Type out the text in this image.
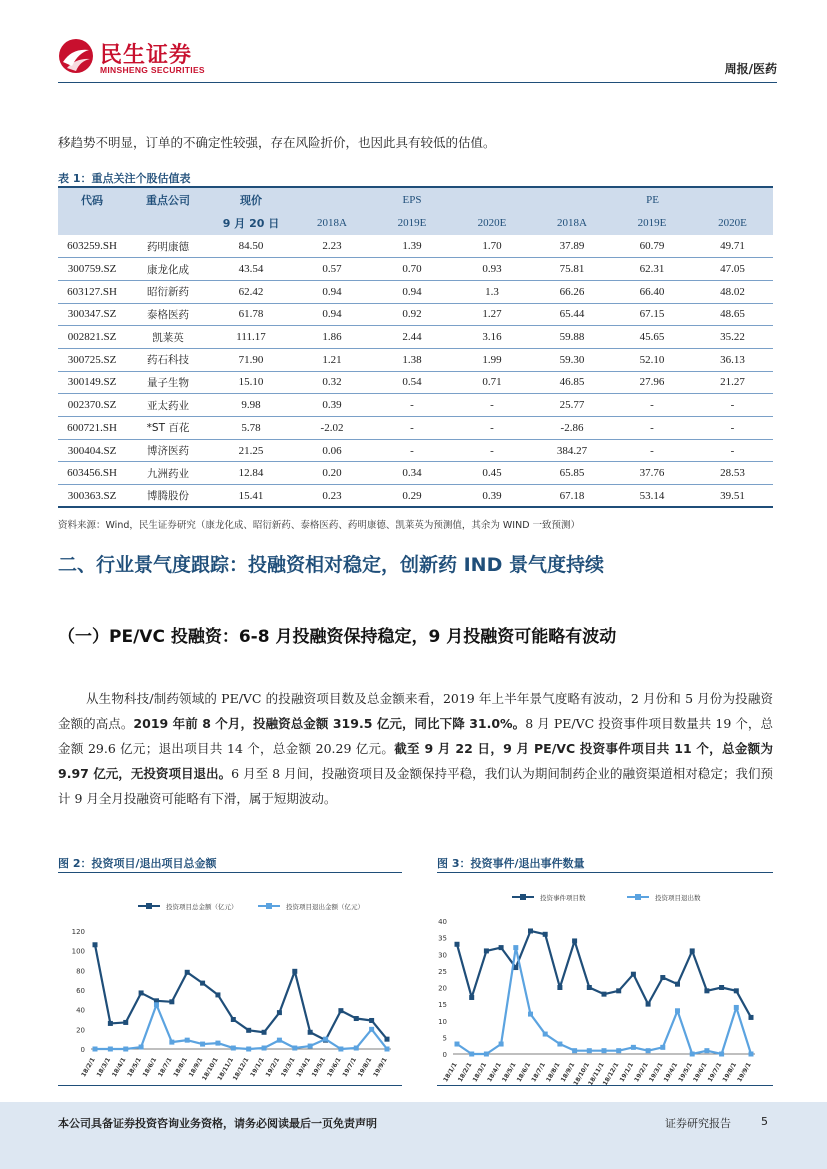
民生证券
MINSHENG SECURITIES	周报/医药
移趋势不明显，订单的不确定性较强，存在风险折价，也因此具有较低的估值。
表 1：重点关注个股估值表
代码	重点公司	现价	EPS			PE		
		9 月 20 日	2018A	2019E	2020E	2018A	2019E	2020E
603259.SH	药明康德	84.50	2.23	1.39	1.70	37.89	60.79	49.71
300759.SZ	康龙化成	43.54	0.57	0.70	0.93	75.81	62.31	47.05
603127.SH	昭衍新药	62.42	0.94	0.94	1.3	66.26	66.40	48.02
300347.SZ	泰格医药	61.78	0.94	0.92	1.27	65.44	67.15	48.65
002821.SZ	凯莱英	111.17	1.86	2.44	3.16	59.88	45.65	35.22
300725.SZ	药石科技	71.90	1.21	1.38	1.99	59.30	52.10	36.13
300149.SZ	量子生物	15.10	0.32	0.54	0.71	46.85	27.96	21.27
002370.SZ	亚太药业	9.98	0.39	-	-	25.77	-	-
600721.SH	*ST 百花	5.78	-2.02	-	-	-2.86	-	-
300404.SZ	博济医药	21.25	0.06	-	-	384.27	-	-
603456.SH	九洲药业	12.84	0.20	0.34	0.45	65.85	37.76	28.53
300363.SZ	博腾股份	15.41	0.23	0.29	0.39	67.18	53.14	39.51
资料来源：Wind，民生证券研究（康龙化成、昭衍新药、泰格医药、药明康德、凯莱英为预测值，其余为 WIND 一致预测）
二、行业景气度跟踪：投融资相对稳定，创新药 IND 景气度持续
（一）PE/VC 投融资：6-8 月投融资保持稳定，9 月投融资可能略有波动
从生物科技/制药领域的 PE/VC 的投融资项目数及总金额来看，2019 年上半年景气度略有波动，2 月份和 5 月份为投融资金额的高点。2019 年前 8 个月，投融资总金额 319.5 亿元，同比下降 31.0%。8 月 PE/VC 投资事件项目数量共 19 个，总金额 29.6 亿元；退出项目共 14 个，总金额 20.29 亿元。截至 9 月 22 日，9 月 PE/VC 投资事件项目共 11 个，总金额为 9.97 亿元，无投资项目退出。6 月至 8 月间，投融资项目及金额保持平稳，我们认为期间制药企业的融资渠道相对稳定；我们预计 9 月全月投融资可能略有下滑，属于短期波动。
图 2：投资项目/退出项目总金额
投资项目总金额（亿元）	投资项目退出金额（亿元）
0
20
40
60
80
100
120
18/2/1
18/3/1
18/4/1
18/5/1
18/6/1
18/7/1
18/8/1
18/9/1
18/10/1
18/11/1
18/12/1
19/1/1
19/2/1
19/3/1
19/4/1
19/5/1
19/6/1
19/7/1
19/8/1
19/9/1
图 3：投资事件/退出事件数量
投资事件项目数	投资项目退出数
0
5
10
15
20
25
30
35
40
18/1/1
18/2/1
18/3/1
18/4/1
18/5/1
18/6/1
18/7/1
18/8/1
18/9/1
18/10/1
18/11/1
18/12/1
19/1/1
19/2/1
19/3/1
19/4/1
19/5/1
19/6/1
19/7/1
19/8/1
19/9/1
本公司具备证券投资咨询业务资格，请务必阅读最后一页免责声明	证券研究报告	5
